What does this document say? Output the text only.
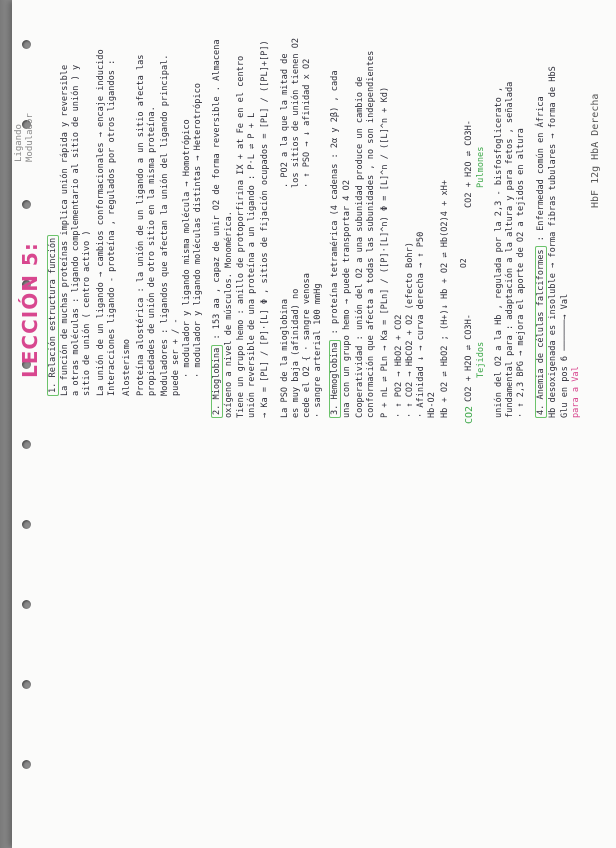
LECCIÓN 5:
Ligando Modulador
1. Relación estructura función La función de muchas proteínas implica unión rápida y reversible a otras moléculas : ligando complementario al sitio de unión ) y sitio de unión ( centro activo ) La unión de un ligando → cambios conformacionales → encaje inducido Interacciones ligando - proteína , regulados por otros ligandos : Alosterismo Proteína alostérica : la unión de un ligando a un sitio afecta las propiedades de unión de otro sitio en la misma proteína. Moduladores : ligandos que afectan la unión del ligando principal. puede ser + / - · modulador y ligando misma molécula → Homotrópico · modulador y ligando moléculas distintas → Heterotrópico
2. Mioglobina : 153 aa , capaz de unir O2 de forma reversible . Almacena oxígeno a nivel de músculos. Monomérica. Tiene un grupo hemo : anillo de protoporfirina IX + at Fe en el centro unión reversible de una proteína a un ligando : P·L ⇌ P + L → Ka = [PL] / [P]·[L] Φ , sitios de fijación ocupados = [PL] / ([PL]+[P]) La PSO de la mioglobina es muy baja (afinidad) no cede el O2 { · sangre venosa · sangre arterial 100 mmHg
. PO2 a la que la mitad de los sitios de unión tienen O2 · ↑ PSO → ↓ afinidad x O2
3. Hemoglobina : proteína tetramérica (4 cadenas : 2α y 2β) , cada una con un grupo hemo → puede transportar 4 O2 Cooperatividad : unión del O2 a una subunidad produce un cambio de conformación que afecta a todas las subunidades , no son independientes P + nL ⇌ PLn → Ka = [PLn] / ([P]·[L]^n) Φ = [L]^n / ([L]^n + Kd) · ↑ PO2 → HbO2 + CO2 · ↑ CO2 → HbCO2 + O2 (efecto Bohr) · Afinidad ↓ → curva derecha → ↑ P50 Hb-O2 Hb + O2 ⇌ HbO2 ; (H+)↓ Hb + O2 ⇌ Hb(O2)4 + xH+ CO2
CO2 + H2O ⇌ CO3H- Tejidos
O2
CO2 + H2O ⇌ CO3H- Pulmones unión del O2 a la Hb , regulada por la 2,3 - bisfosfoglicerato , fundamental para : adaptación a la altura y para fetos , señalada · ↑ 2,3 BPG → mejora el aporte de O2 a tejidos en altura 4. Anemia de células falciformes : Enfermedad común en África Hb desoxigenada es insoluble → forma fibras tubulares → forma de HbS Glu en pos 6 ──────→ Val para a Val
HbF 12g HbA Derecha
